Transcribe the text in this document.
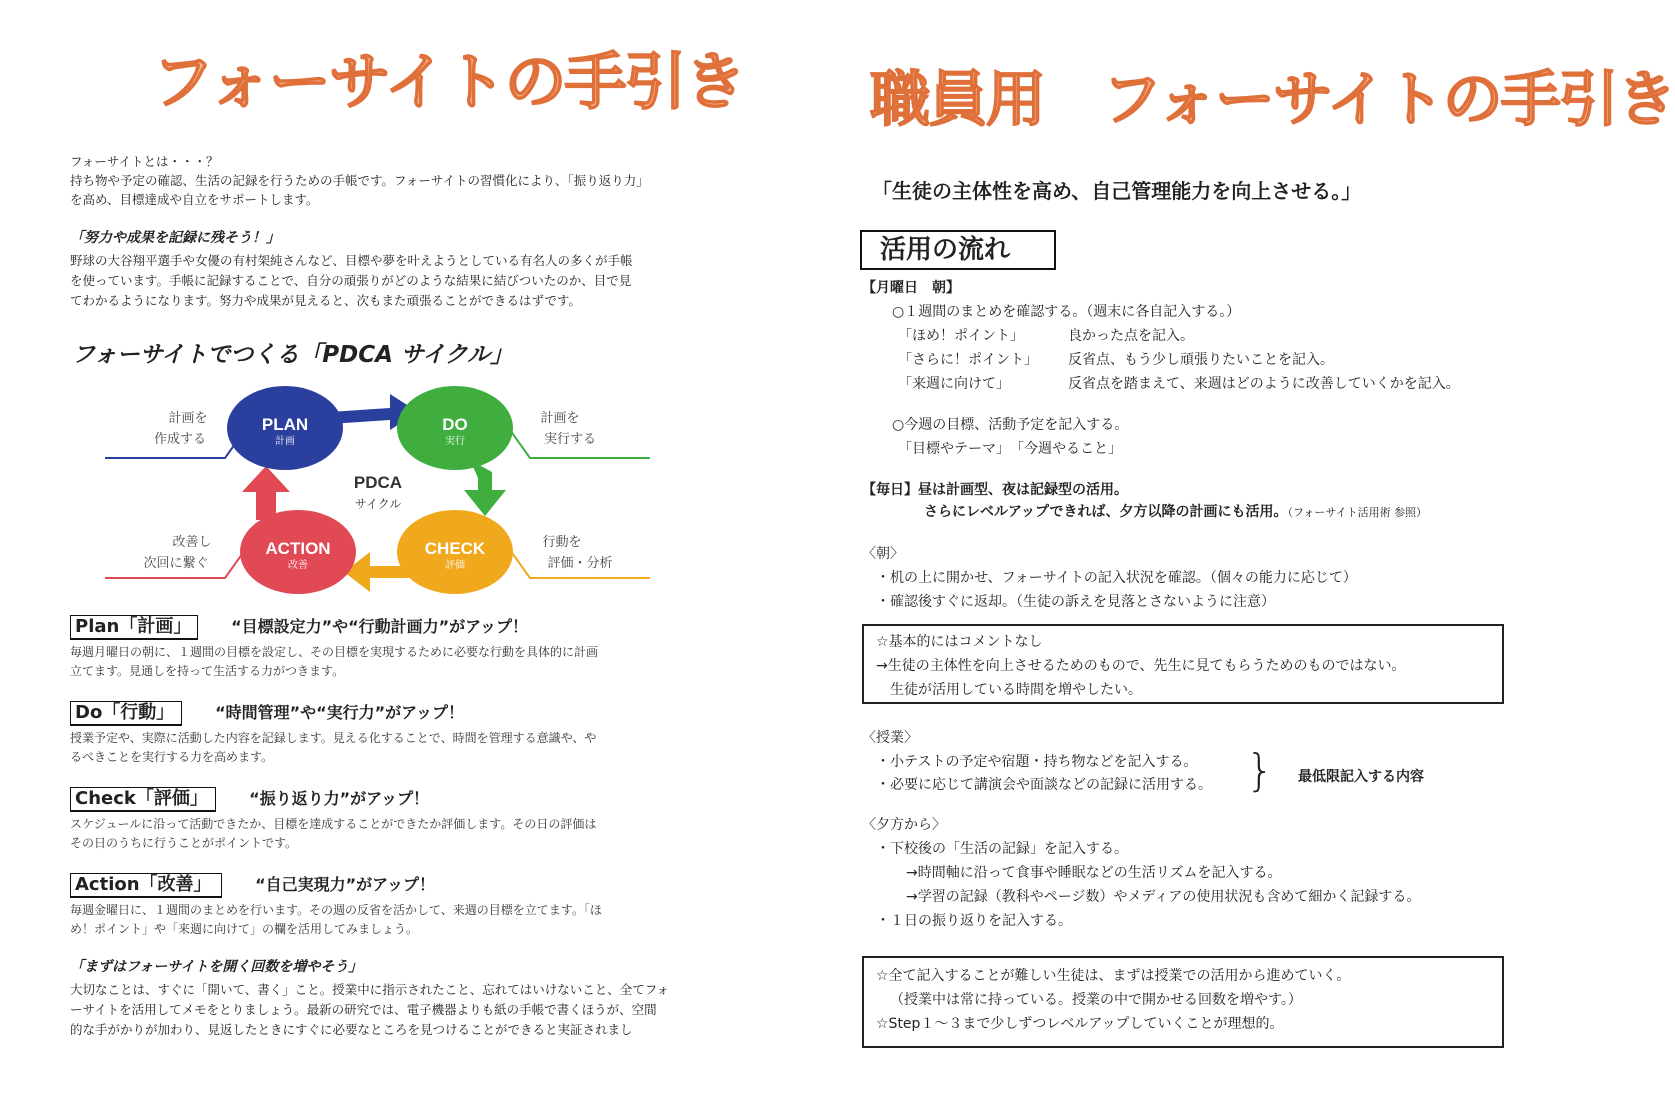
フォーサイトの手引き
フォーサイトとは・・・？
持ち物や予定の確認、生活の記録を行うための手帳です。フォーサイトの習慣化により、「振り返り力」
を高め、目標達成や自立をサポートします。
「努力や成果を記録に残そう！」
野球の大谷翔平選手や女優の有村架純さんなど、目標や夢を叶えようとしている有名人の多くが手帳
を使っています。手帳に記録することで、自分の頑張りがどのような結果に結びついたのか、目で見
てわかるようになります。努力や成果が見えると、次もまた頑張ることができるはずです。
フォーサイトでつくる「PDCA サイクル」
PLAN
計画
DO
実行
ACTION
改善
CHECK
評価
PDCA
サイクル
計画を
作成する
計画を
実行する
改善し
次回に繋ぐ
行動を
評価・分析
Plan「計画」 “目標設定力”や“行動計画力”がアップ！
毎週月曜日の朝に、１週間の目標を設定し、その目標を実現するために必要な行動を具体的に計画
立てます。見通しを持って生活する力がつきます。
Do「行動」	“時間管理”や“実行力”がアップ！
授業予定や、実際に活動した内容を記録します。見える化することで、時間を管理する意識や、や
るべきことを実行する力を高めます。
Check「評価」	“振り返り力”がアップ！
スケジュールに沿って活動できたか、目標を達成することができたか評価します。その日の評価は
その日のうちに行うことがポイントです。
Action「改善」	“自己実現力”がアップ！
毎週金曜日に、１週間のまとめを行います。その週の反省を活かして、来週の目標を立てます。「ほ
め！ポイント」や「来週に向けて」の欄を活用してみましょう。
「まずはフォーサイトを開く回数を増やそう」
大切なことは、すぐに「開いて、書く」こと。授業中に指示されたこと、忘れてはいけないこと、全てフォ
ーサイトを活用してメモをとりましょう。最新の研究では、電子機器よりも紙の手帳で書くほうが、空間
的な手がかりが加わり、見返したときにすぐに必要なところを見つけることができると実証されまし
職員用　フォーサイトの手引き
「生徒の主体性を高め、自己管理能力を向上させる。」
活用の流れ
【月曜日　朝】
○１週間のまとめを確認する。（週末に各自記入する。）
「ほめ！ポイント」	良かった点を記入。
「さらに！ポイント」 反省点、もう少し頑張りたいことを記入。
「来週に向けて」	反省点を踏まえて、来週はどのように改善していくかを記入。
○今週の目標、活動予定を記入する。
「目標やテーマ」　「今週やること」
【毎日】昼は計画型、夜は記録型の活用。
さらにレベルアップできれば、夕方以降の計画にも活用。（フォーサイト活用術 参照）
〈朝〉
・机の上に開かせ、フォーサイトの記入状況を確認。（個々の能力に応じて）
・確認後すぐに返却。（生徒の訴えを見落とさないように注意）
☆基本的にはコメントなし
→生徒の主体性を向上させるためのもので、先生に見てもらうためのものではない。
生徒が活用している時間を増やしたい。
〈授業〉
・小テストの予定や宿題・持ち物などを記入する。
・必要に応じて講演会や面談などの記録に活用する。 } 最低限記入する内容
〈夕方から〉
・下校後の「生活の記録」を記入する。
→時間軸に沿って食事や睡眠などの生活リズムを記入する。
→学習の記録（教科やページ数）やメディアの使用状況も含めて細かく記録する。
・１日の振り返りを記入する。
☆全て記入することが難しい生徒は、まずは授業での活用から進めていく。
（授業中は常に持っている。授業の中で開かせる回数を増やす。）
☆Step１～３まで少しずつレベルアップしていくことが理想的。
